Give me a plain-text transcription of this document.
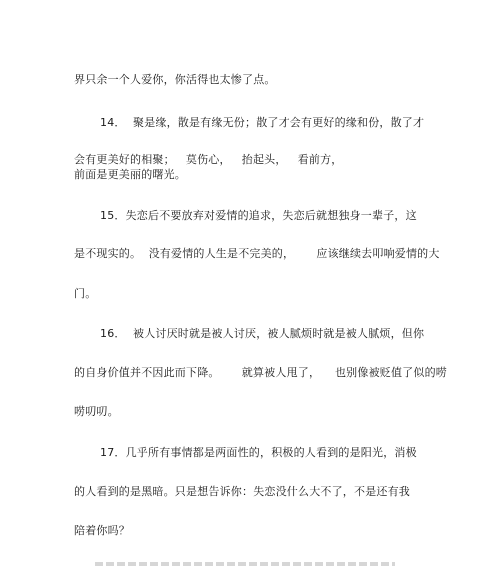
界只余一个人爱你，你活得也太惨了点。
14．  聚是缘，散是有缘无份；散了才会有更好的缘和份，散了才
会有更美好的相聚；   莫伤心，   抬起头，   看前方，
前面是更美丽的曙光。
15．失恋后不要放弃对爱情的追求，失恋后就想独身一辈子，这
是不现实的。  没有爱情的人生是不完美的，      应该继续去叩响爱情的大
门。
16．  被人讨厌时就是被人讨厌，被人腻烦时就是被人腻烦，但你
的自身价值并不因此而下降。      就算被人甩了，    也别像被贬值了似的唠
唠叨叨。
17．几乎所有事情都是两面性的，积极的人看到的是阳光，消极
的人看到的是黑暗。只是想告诉你：失恋没什么大不了，不是还有我
陪着你吗？
